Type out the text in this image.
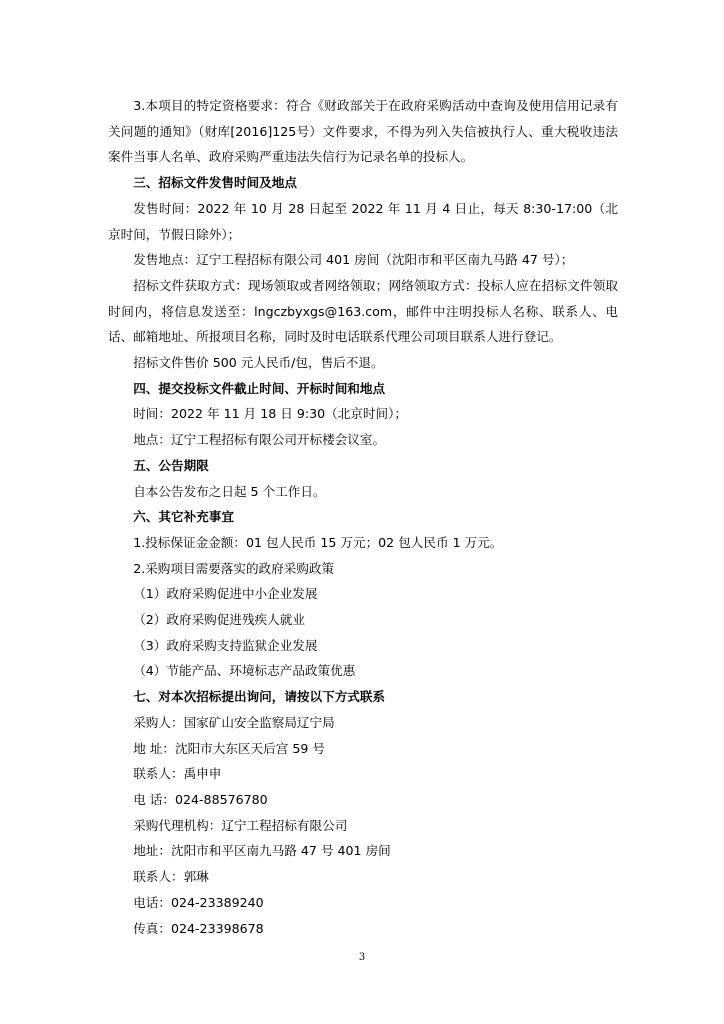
3.本项目的特定资格要求：符合《财政部关于在政府采购活动中查询及使用信用记录有关问题的通知》（财库[2016]125号）文件要求，不得为列入失信被执行人、重大税收违法案件当事人名单、政府采购严重违法失信行为记录名单的投标人。

三、招标文件发售时间及地点

发售时间：2022 年 10 月 28 日起至 2022 年 11 月 4 日止，每天 8:30-17:00（北京时间，节假日除外）；

发售地点：辽宁工程招标有限公司 401 房间（沈阳市和平区南九马路 47 号）；

招标文件获取方式：现场领取或者网络领取；网络领取方式：投标人应在招标文件领取时间内，将信息发送至：lngczbyxgs@163.com，邮件中注明投标人名称、联系人、电话、邮箱地址、所报项目名称，同时及时电话联系代理公司项目联系人进行登记。

招标文件售价 500 元人民币/包，售后不退。

四、提交投标文件截止时间、开标时间和地点

时间：2022 年 11 月 18 日 9:30（北京时间）；

地点：辽宁工程招标有限公司开标楼会议室。

五、公告期限

自本公告发布之日起 5 个工作日。

六、其它补充事宜

1.投标保证金金额：01 包人民币 15 万元；02 包人民币 1 万元。

2.采购项目需要落实的政府采购政策

（1）政府采购促进中小企业发展

（2）政府采购促进残疾人就业

（3）政府采购支持监狱企业发展

（4）节能产品、环境标志产品政策优惠

七、对本次招标提出询问，请按以下方式联系

采购人：国家矿山安全监察局辽宁局

地 址：沈阳市大东区天后宫 59 号

联系人：禹申申

电 话：024-88576780

采购代理机构：辽宁工程招标有限公司

地址：沈阳市和平区南九马路 47 号 401 房间

联系人：郭琳

电话：024-23389240

传真：024-23398678

3
